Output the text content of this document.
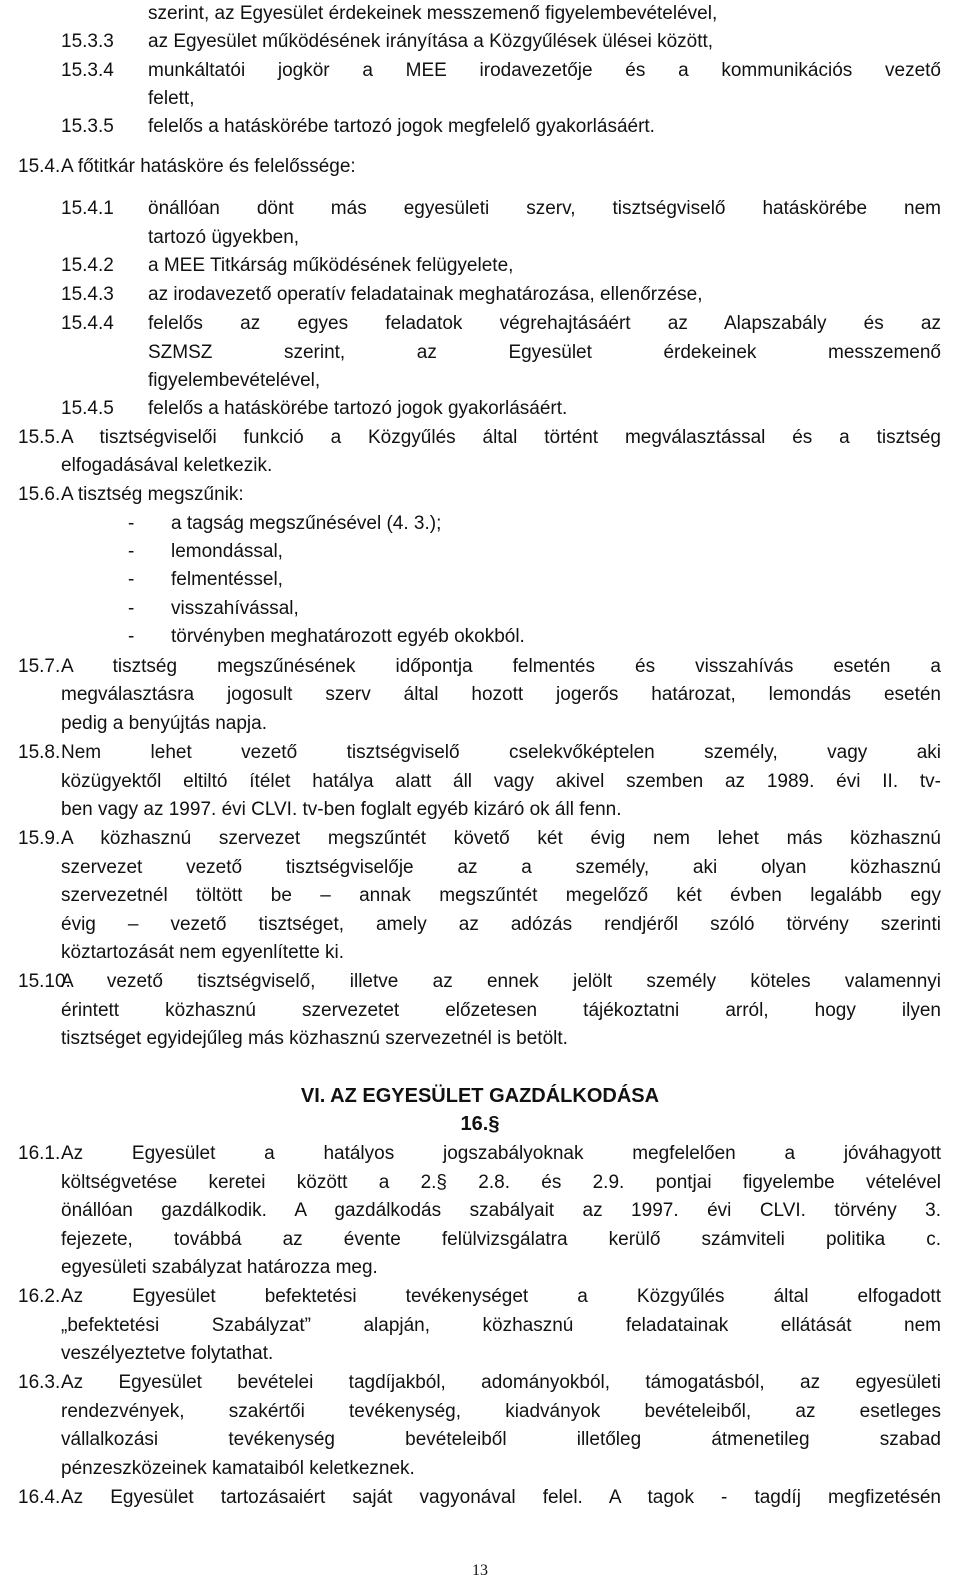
szerint, az Egyesület érdekeinek messzemenő figyelembevételével,
15.3.3 az Egyesület működésének irányítása a Közgyűlések ülései között,
15.3.4 munkáltatói jogkör a MEE irodavezetője és a kommunikációs vezető
felett,
15.3.5 felelős a hatáskörébe tartozó jogok megfelelő gyakorlásáért.
15.4. A főtitkár hatásköre és felelőssége:
15.4.1 önállóan dönt más egyesületi szerv, tisztségviselő hatáskörébe nem
tartozó ügyekben,
15.4.2 a MEE Titkárság működésének felügyelete,
15.4.3 az irodavezető operatív feladatainak meghatározása, ellenőrzése,
15.4.4 felelős az egyes feladatok végrehajtásáért az Alapszabály és az
SZMSZ szerint, az Egyesület érdekeinek messzemenő
figyelembevételével,
15.4.5 felelős a hatáskörébe tartozó jogok gyakorlásáért.
15.5. A tisztségviselői funkció a Közgyűlés által történt megválasztással és a tisztség
elfogadásával keletkezik.
15.6. A tisztség megszűnik:
- a tagság megszűnésével (4. 3.);
- lemondással,
- felmentéssel,
- visszahívással,
- törvényben meghatározott egyéb okokból.
15.7. A tisztség megszűnésének időpontja felmentés és visszahívás esetén a
megválasztásra jogosult szerv által hozott jogerős határozat, lemondás esetén
pedig a benyújtás napja.
15.8. Nem lehet vezető tisztségviselő cselekvőképtelen személy, vagy aki
közügyektől eltiltó ítélet hatálya alatt áll vagy akivel szemben az 1989. évi II. tv-
ben vagy az 1997. évi CLVI. tv-ben foglalt egyéb kizáró ok áll fenn.
15.9. A közhasznú szervezet megszűntét követő két évig nem lehet más közhasznú
szervezet vezető tisztségviselője az a személy, aki olyan közhasznú
szervezetnél töltött be – annak megszűntét megelőző két évben legalább egy
évig – vezető tisztséget, amely az adózás rendjéről szóló törvény szerinti
köztartozását nem egyenlítette ki.
15.10.
A vezető tisztségviselő, illetve az ennek jelölt személy köteles valamennyi
érintett közhasznú szervezetet előzetesen tájékoztatni arról, hogy ilyen
tisztséget egyidejűleg más közhasznú szervezetnél is betölt.
VI. AZ EGYESÜLET GAZDÁLKODÁSA
16.§
16.1. Az Egyesület a hatályos jogszabályoknak megfelelően a jóváhagyott
költségvetése keretei között a 2.§ 2.8. és 2.9. pontjai figyelembe vételével
önállóan gazdálkodik. A gazdálkodás szabályait az 1997. évi CLVI. törvény 3.
fejezete, továbbá az évente felülvizsgálatra kerülő számviteli politika c.
egyesületi szabályzat határozza meg.
16.2. Az Egyesület befektetési tevékenységet a Közgyűlés által elfogadott
„befektetési Szabályzat” alapján, közhasznú feladatainak ellátását nem
veszélyeztetve folytathat.
16.3. Az Egyesület bevételei tagdíjakból, adományokból, támogatásból, az egyesületi
rendezvények, szakértői tevékenység, kiadványok bevételeiből, az esetleges
vállalkozási tevékenység bevételeiből illetőleg átmenetileg szabad
pénzeszközeinek kamataiból keletkeznek.
16.4. Az Egyesület tartozásaiért saját vagyonával felel. A tagok - tagdíj megfizetésén
13
